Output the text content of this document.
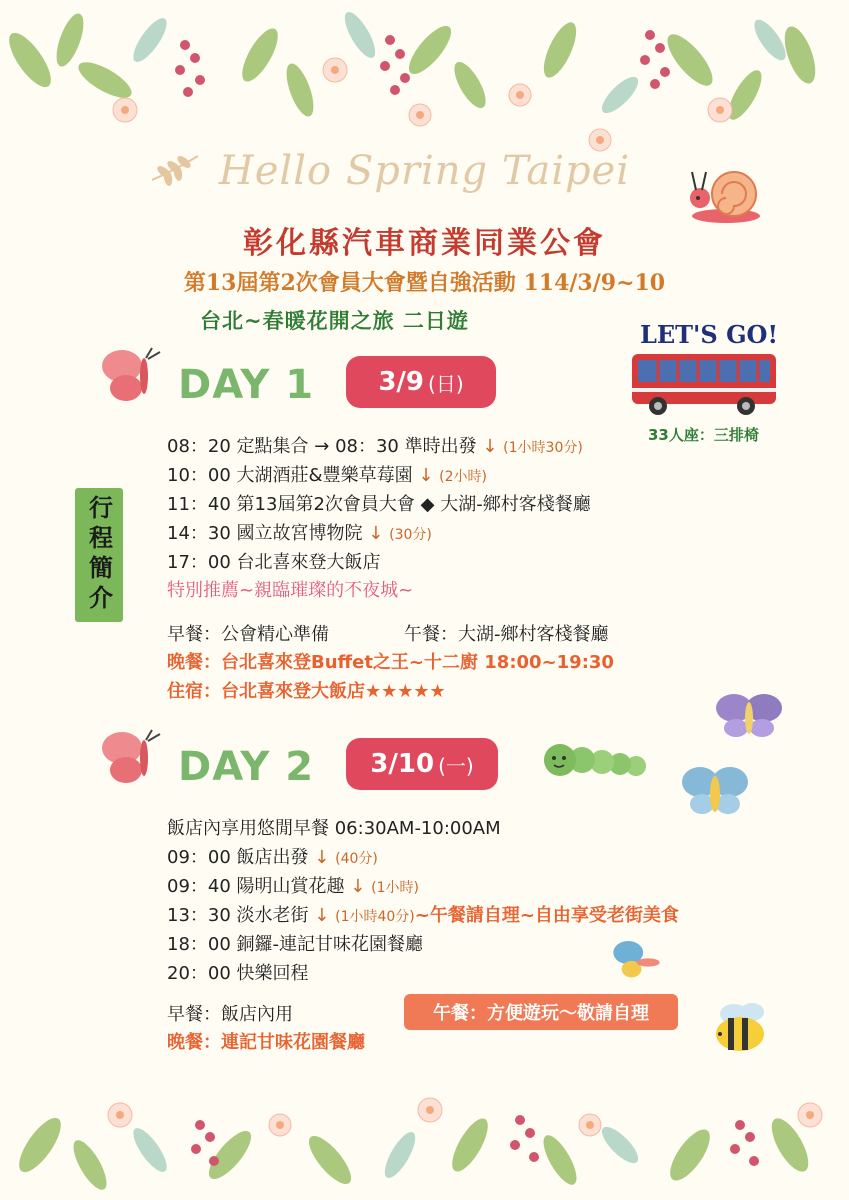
Hello Spring Taipei
彰化縣汽車商業同業公會
第13屆第2次會員大會暨自強活動 114/3/9~10
台北~春暖花開之旅 二日遊	LET'S GO!
33人座：三排椅
DAY 1 3/9 (日)
行程簡介
08：20 定點集合 → 08：30 準時出發 ↓ (1小時30分)
10：00 大湖酒莊&豐樂草莓園 ↓ (2小時)
11：40 第13屆第2次會員大會 ◆ 大湖-鄉村客棧餐廳
14：30 國立故宮博物院 ↓ (30分)
17：00 台北喜來登大飯店
特別推薦~親臨璀璨的不夜城~
早餐：公會精心準備	午餐：大湖-鄉村客棧餐廳
晚餐：台北喜來登Buffet之王~十二廚 18:00~19:30
住宿：台北喜來登大飯店★★★★★
DAY 2 3/10 (一)
飯店內享用悠閒早餐 06:30AM-10:00AM
09：00 飯店出發 ↓ (40分)
09：40 陽明山賞花趣 ↓ (1小時)
13：30 淡水老街 ↓ (1小時40分)~午餐請自理~自由享受老街美食
18：00 銅鑼-連記甘味花園餐廳
20：00 快樂回程
早餐：飯店內用
晚餐：連記甘味花園餐廳
午餐：方便遊玩～敬請自理
